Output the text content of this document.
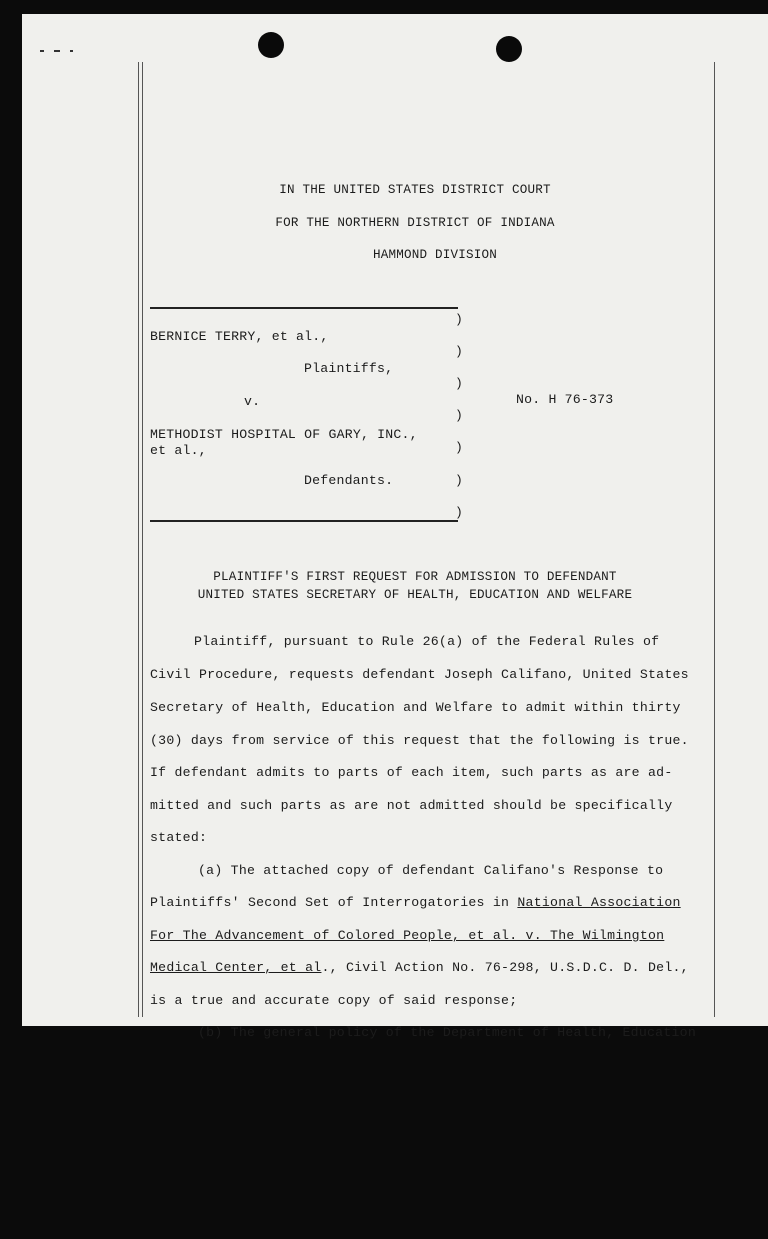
IN THE UNITED STATES DISTRICT COURT
FOR THE NORTHERN DISTRICT OF INDIANA
HAMMOND DIVISION
BERNICE TERRY, et al.,
Plaintiffs,
v.
METHODIST HOSPITAL OF GARY, INC.,
et al.,
Defendants.
No. H 76-373
)
)
)
)
)
)
)
PLAINTIFF'S FIRST REQUEST FOR ADMISSION TO DEFENDANT
UNITED STATES SECRETARY OF HEALTH, EDUCATION AND WELFARE
Plaintiff, pursuant to Rule 26(a) of the Federal Rules of
Civil Procedure, requests defendant Joseph Califano, United States
Secretary of Health, Education and Welfare to admit within thirty
(30) days from service of this request that the following is true.
If defendant admits to parts of each item, such parts as are ad-
mitted and such parts as are not admitted should be specifically
stated:
(a) The attached copy of defendant Califano's Response to
Plaintiffs' Second Set of Interrogatories in National Association
For The Advancement of Colored People, et al. v. The Wilmington
Medical Center, et al., Civil Action No. 76-298, U.S.D.C. D. Del.,
is a true and accurate copy of said response;
(b) The general policy of the Department of Health, Education
